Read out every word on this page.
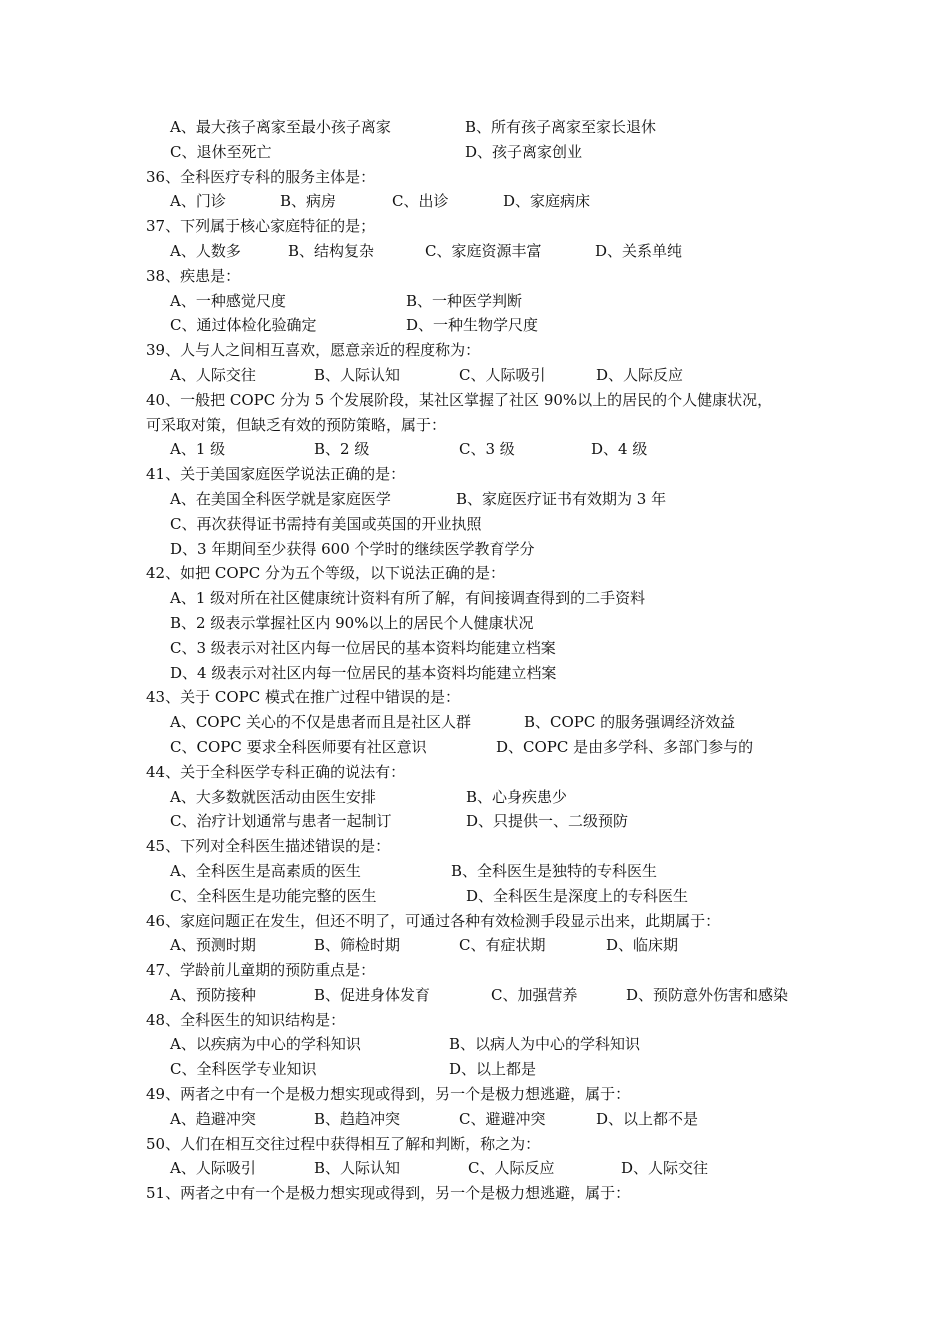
A、最大孩子离家至最小孩子离家	B、所有孩子离家至家长退休
C、退休至死亡	D、孩子离家创业
36、全科医疗专科的服务主体是：
A、门诊	B、病房	C、出诊	D、家庭病床
37、下列属于核心家庭特征的是；
A、人数多	B、结构复杂	C、家庭资源丰富	D、关系单纯
38、疾患是：
A、一种感觉尺度	B、一种医学判断
C、通过体检化验确定	D、一种生物学尺度
39、人与人之间相互喜欢，愿意亲近的程度称为：
A、人际交往	B、人际认知	C、人际吸引	D、人际反应
40、一般把 COPC 分为 5 个发展阶段，某社区掌握了社区 90%以上的居民的个人健康状况，
可采取对策，但缺乏有效的预防策略，属于：
A、1 级	B、2 级	C、3 级	D、4 级
41、关于美国家庭医学说法正确的是：
A、在美国全科医学就是家庭医学	B、家庭医疗证书有效期为 3 年
C、再次获得证书需持有美国或英国的开业执照
D、3 年期间至少获得 600 个学时的继续医学教育学分
42、如把 COPC 分为五个等级，以下说法正确的是：
A、1 级对所在社区健康统计资料有所了解，有间接调查得到的二手资料
B、2 级表示掌握社区内 90%以上的居民个人健康状况
C、3 级表示对社区内每一位居民的基本资料均能建立档案
D、4 级表示对社区内每一位居民的基本资料均能建立档案
43、关于 COPC 模式在推广过程中错误的是：
A、COPC 关心的不仅是患者而且是社区人群	B、COPC 的服务强调经济效益
C、COPC 要求全科医师要有社区意识	D、COPC 是由多学科、多部门参与的
44、关于全科医学专科正确的说法有：
A、大多数就医活动由医生安排	B、心身疾患少
C、治疗计划通常与患者一起制订	D、只提供一、二级预防
45、下列对全科医生描述错误的是：
A、全科医生是高素质的医生	B、全科医生是独特的专科医生
C、全科医生是功能完整的医生	D、全科医生是深度上的专科医生
46、家庭问题正在发生，但还不明了，可通过各种有效检测手段显示出来，此期属于：
A、预测时期	B、筛检时期	C、有症状期	D、临床期
47、学龄前儿童期的预防重点是：
A、预防接种	B、促进身体发育	C、加强营养	D、预防意外伤害和感染
48、全科医生的知识结构是：
A、以疾病为中心的学科知识	B、以病人为中心的学科知识
C、全科医学专业知识	D、以上都是
49、两者之中有一个是极力想实现或得到，另一个是极力想逃避，属于：
A、趋避冲突	B、趋趋冲突	C、避避冲突	D、以上都不是
50、人们在相互交往过程中获得相互了解和判断，称之为：
A、人际吸引	B、人际认知	C、人际反应	D、人际交往
51、两者之中有一个是极力想实现或得到，另一个是极力想逃避，属于：
